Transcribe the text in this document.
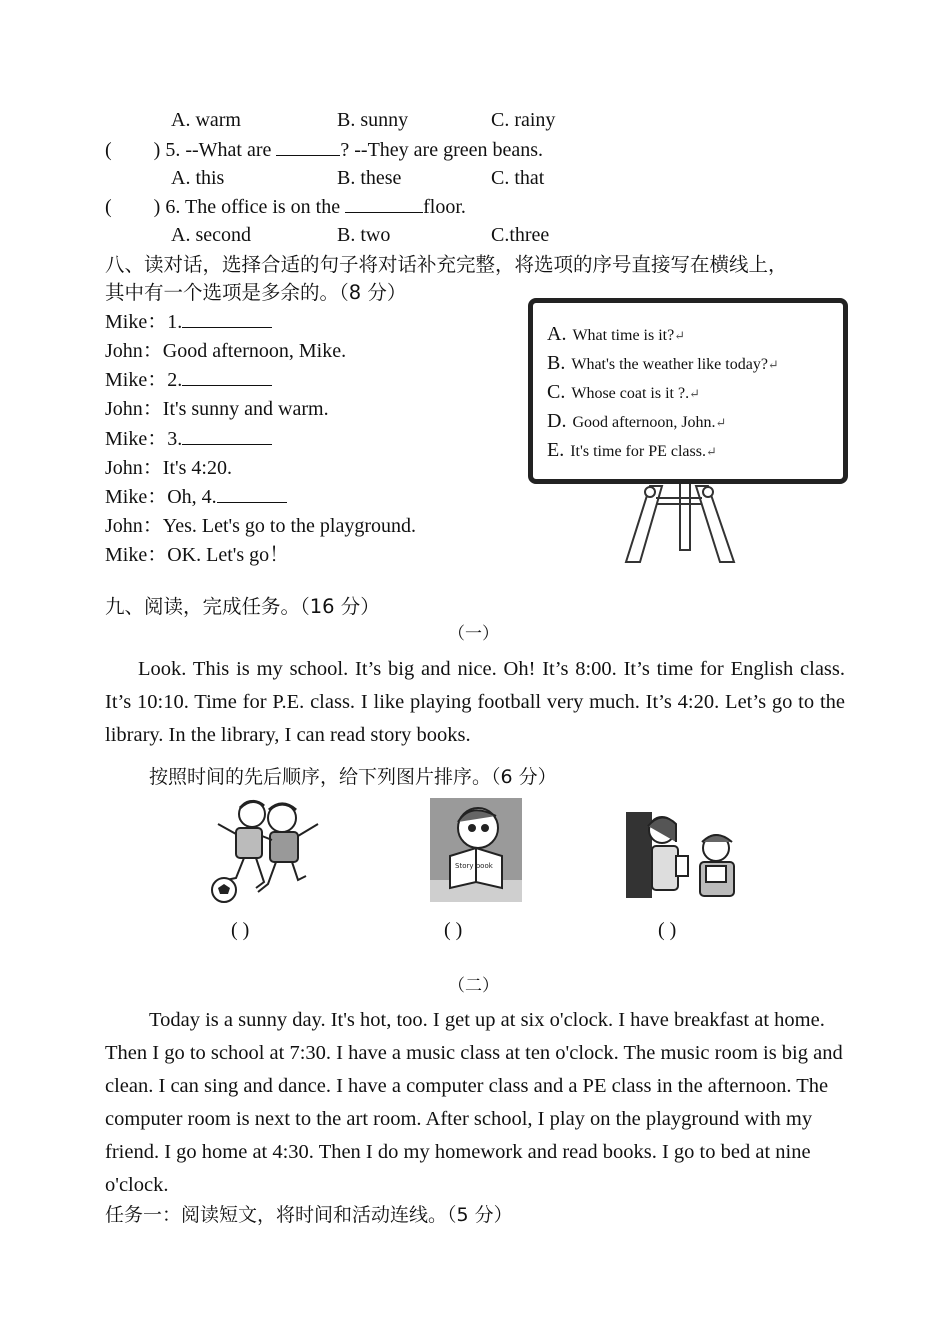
A. warm	B. sunny	C. rainy
( ) 5. --What are	? --They are green beans.
A. this	B. these	C. that
( ) 6. The office is on the	floor.
A. second	B. two	C.three
八、读对话，选择合适的句子将对话补充完整，将选项的序号直接写在横线上，
其中有一个选项是多余的。（8 分）
Mike：1.
John：Good afternoon, Mike.
Mike：2.
John：It's sunny and warm.
Mike：3.
John：It's 4:20.
Mike：Oh, 4.
John：Yes. Let's go to the playground.
Mike：OK. Let's go！
A. What time is it?↵
B. What's the weather like today?↵
C. Whose coat is it ?.↵
D. Good afternoon, John.↵
E. It's time for PE class.↵
九、阅读，完成任务。（16 分）
（一）
Look. This is my school. It’s big and nice. Oh! It’s 8:00. It’s time for English class. It’s 10:10. Time for P.E. class. I like playing football very much. It’s 4:20. Let’s go to the library. In the library, I can read story books.
按照时间的先后顺序，给下列图片排序。（6 分）
Story book
( )	( )	( )
（二）
Today is a sunny day. It's hot, too. I get up at six o'clock. I have breakfast at home. Then I go to school at 7:30. I have a music class at ten o'clock. The music room is big and clean. I can sing and dance. I have a computer class and a PE class in the afternoon. The computer room is next to the art room. After school, I play on the playground with my friend. I go home at 4:30. Then I do my homework and read books. I go to bed at nine o'clock.
任务一：阅读短文，将时间和活动连线。（5 分）
